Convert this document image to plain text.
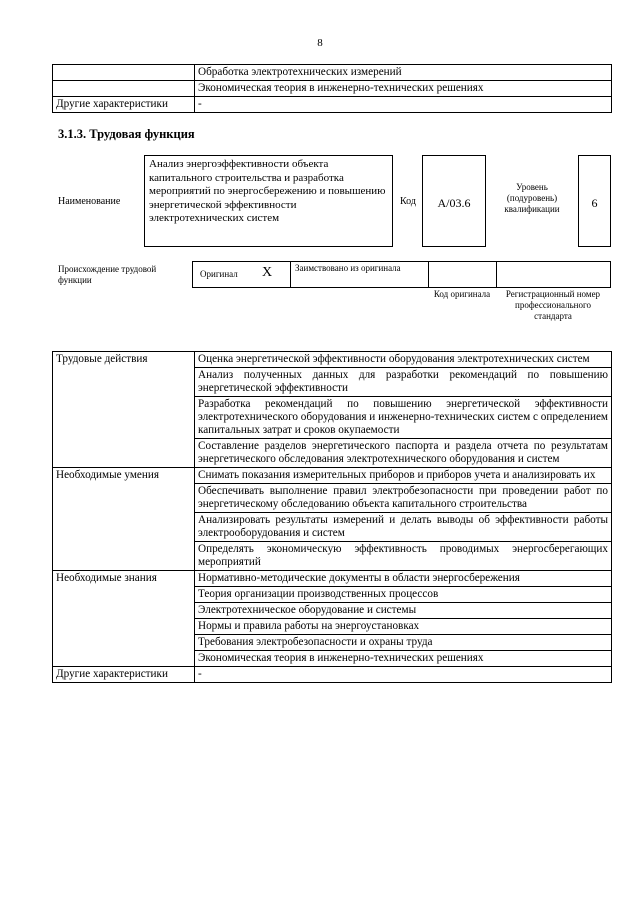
8
	Обработка электротехнических измерений
	Экономическая теория в инженерно-технических решениях
Другие характеристики	-
3.1.3. Трудовая функция
Наименование
Анализ энергоэффективности объекта капитального строительства и разработка мероприятий по энергосбережению и повышению энергетической эффективности электротехнических систем
Код	А/03.6
Уровень (подуровень) квалификации	6
Происхождение трудовой функции
Оригинал X	Заимствовано из оригинала
Код оригинала	Регистрационный номер профессионального стандарта
Трудовые действия	Оценка энергетической эффективности оборудования электротехнических систем
	Анализ полученных данных для разработки рекомендаций по повышению энергетической эффективности
	Разработка рекомендаций по повышению энергетической эффективности электротехнического оборудования и инженерно-технических систем с определением капитальных затрат и сроков окупаемости
	Составление разделов энергетического паспорта и раздела отчета по результатам энергетического обследования электротехнического оборудования и систем
Необходимые умения	Снимать показания измерительных приборов и приборов учета и анализировать их
	Обеспечивать выполнение правил электробезопасности при проведении работ по энергетическому обследованию объекта капитального строительства
	Анализировать результаты измерений и делать выводы об эффективности работы электрооборудования и систем
	Определять экономическую эффективность проводимых энергосберегающих мероприятий
Необходимые знания	Нормативно-методические документы в области энергосбережения
	Теория организации производственных процессов
	Электротехническое оборудование и системы
	Нормы и правила работы на энергоустановках
	Требования электробезопасности и охраны труда
	Экономическая теория в инженерно-технических решениях
Другие характеристики	-
